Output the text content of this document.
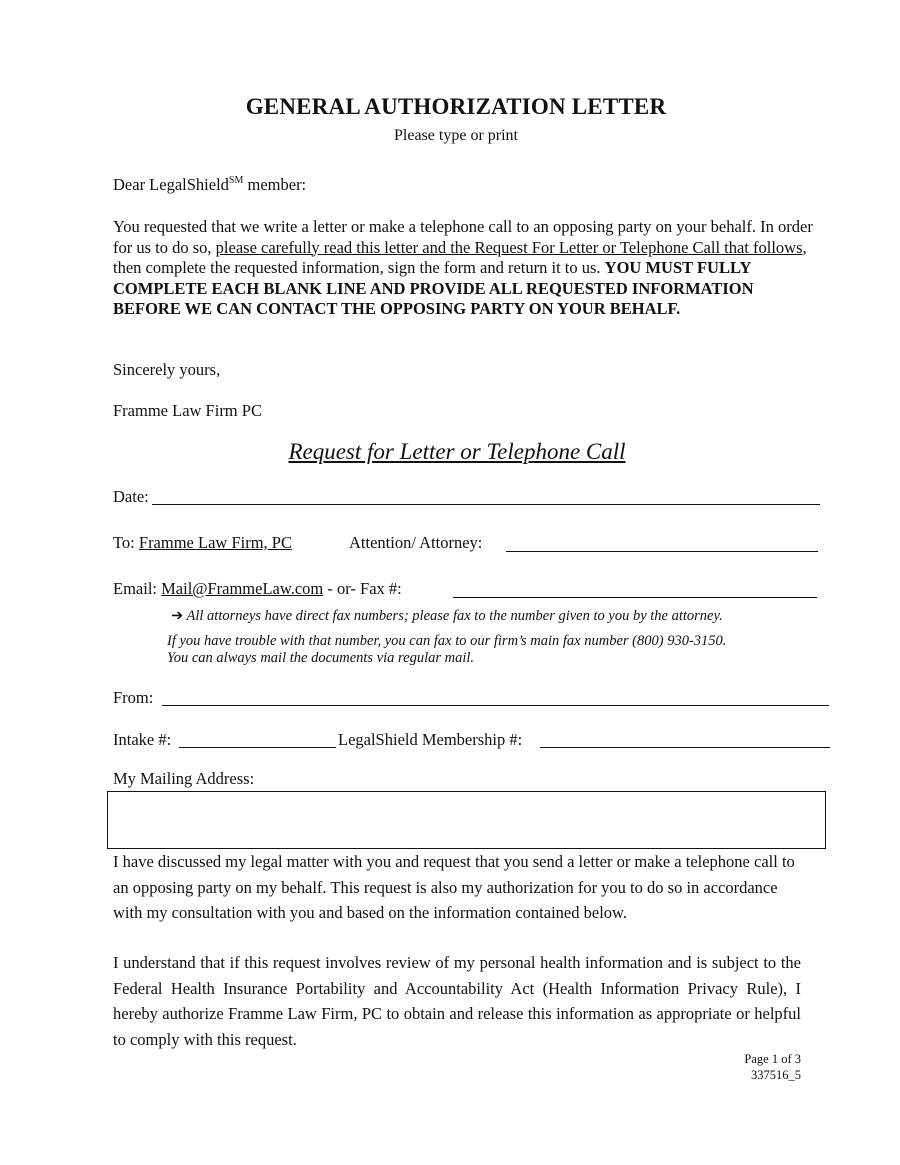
GENERAL AUTHORIZATION LETTER
Please type or print
Dear LegalShield℠ member:
You requested that we write a letter or make a telephone call to an opposing party on your behalf. In order for us to do so, please carefully read this letter and the Request For Letter or Telephone Call that follows, then complete the requested information, sign the form and return it to us. YOU MUST FULLY COMPLETE EACH BLANK LINE AND PROVIDE ALL REQUESTED INFORMATION BEFORE WE CAN CONTACT THE OPPOSING PARTY ON YOUR BEHALF.
Sincerely yours,
Framme Law Firm PC
Request for Letter or Telephone Call
Date:
To: Framme Law Firm, PC	Attention/ Attorney:
Email: Mail@FrammeLaw.com - or- Fax #:
➔ All attorneys have direct fax numbers; please fax to the number given to you by the attorney.
If you have trouble with that number, you can fax to our firm’s main fax number (800) 930-3150.
You can always mail the documents via regular mail.
From:
Intake #:	LegalShield Membership #:
My Mailing Address:
I have discussed my legal matter with you and request that you send a letter or make a telephone call to an opposing party on my behalf. This request is also my authorization for you to do so in accordance with my consultation with you and based on the information contained below.
I understand that if this request involves review of my personal health information and is subject to the Federal Health Insurance Portability and Accountability Act (Health Information Privacy Rule), I hereby authorize Framme Law Firm, PC to obtain and release this information as appropriate or helpful to comply with this request.
Page 1 of 3
337516_5
